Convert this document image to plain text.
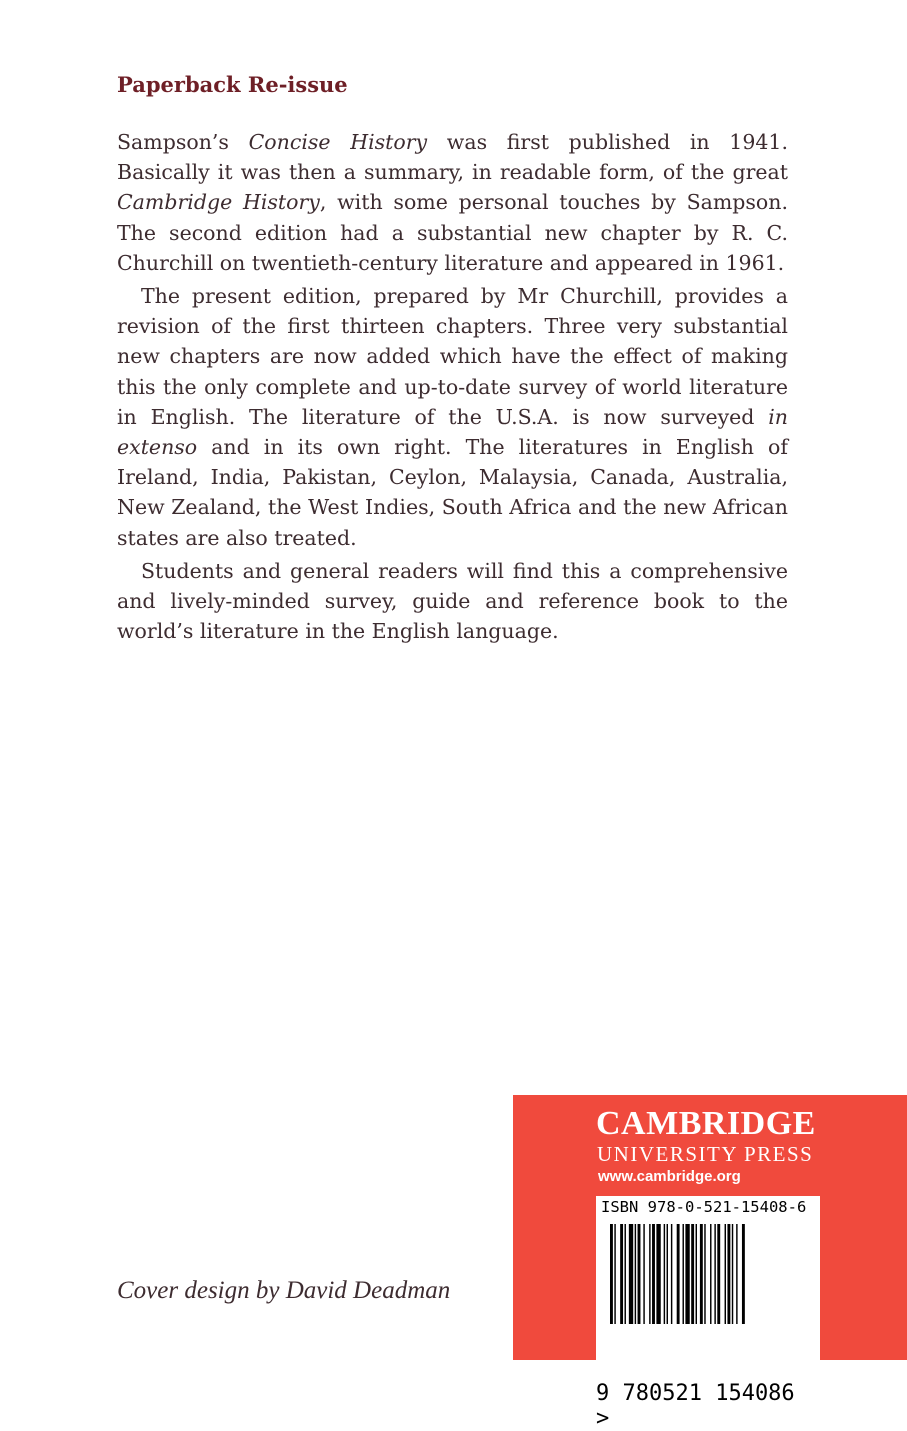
Paperback Re-issue

Sampson’s Concise History was first published in 1941. Basically it was then a summary, in readable form, of the great Cambridge History, with some personal touches by Sampson. The second edition had a substantial new chapter by R. C. Churchill on twentieth-century literature and appeared in 1961.

The present edition, prepared by Mr Churchill, provides a revision of the first thirteen chapters. Three very substantial new chapters are now added which have the effect of making this the only complete and up-to-date survey of world literature in English. The literature of the U.S.A. is now surveyed in extenso and in its own right. The literatures in English of Ireland, India, Pakistan, Ceylon, Malaysia, Canada, Australia, New Zealand, the West Indies, South Africa and the new African states are also treated.

Students and general readers will find this a comprehensive and lively-minded survey, guide and reference book to the world’s literature in the English language.

Cover design by David Deadman
CAMBRIDGE
UNIVERSITY PRESS
www.cambridge.org
ISBN 978-0-521-15408-6
9 780521 154086 >
